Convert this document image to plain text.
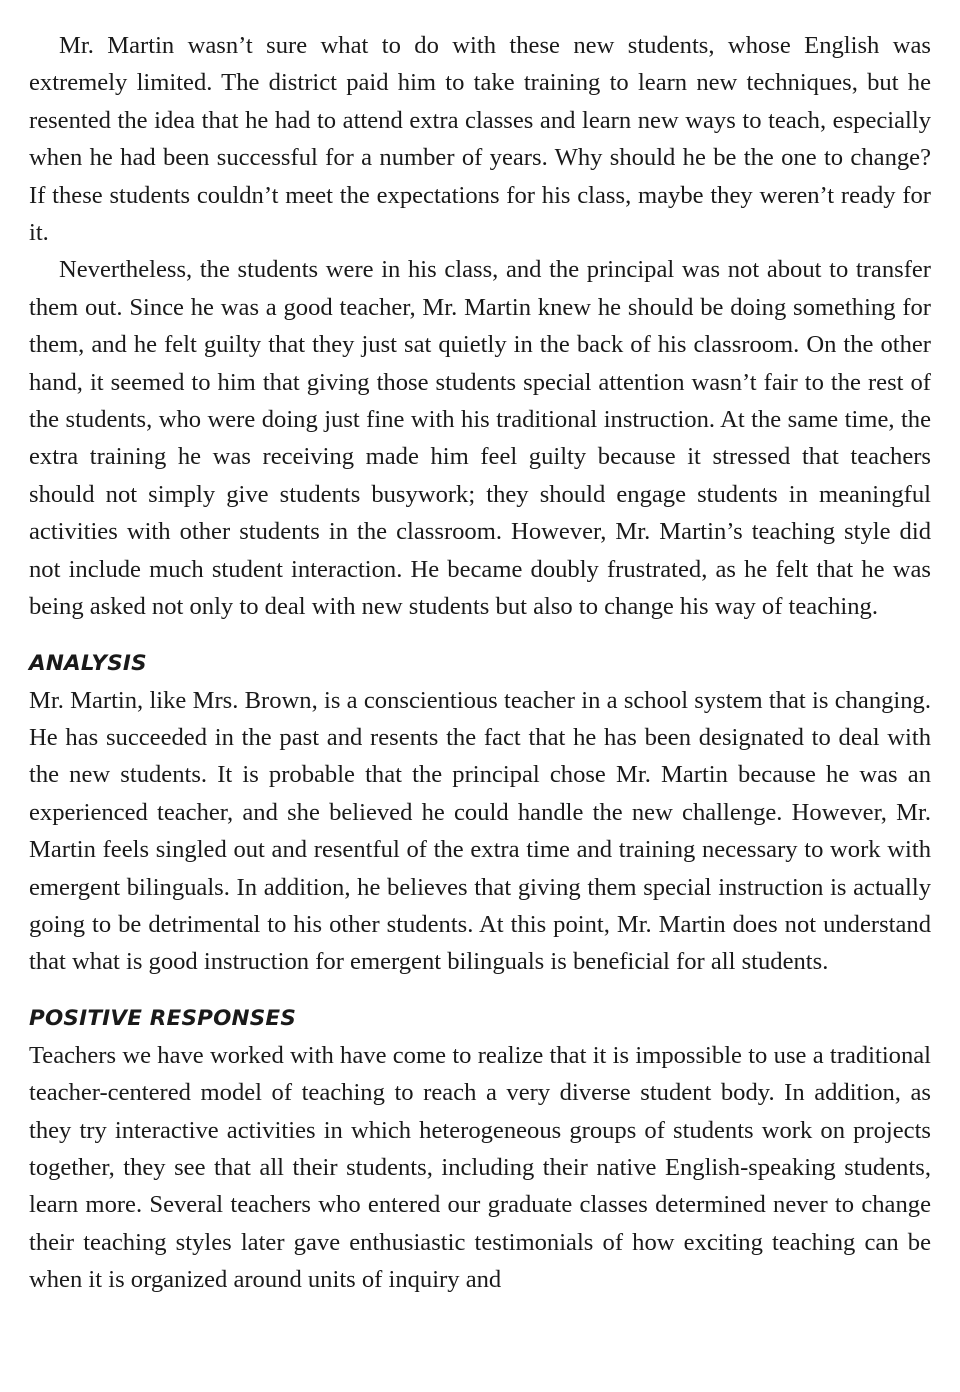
Mr. Martin wasn’t sure what to do with these new students, whose English was extremely limited. The district paid him to take training to learn new techniques, but he resented the idea that he had to attend extra classes and learn new ways to teach, especially when he had been successful for a number of years. Why should he be the one to change? If these students couldn’t meet the expectations for his class, maybe they weren’t ready for it.

Nevertheless, the students were in his class, and the principal was not about to transfer them out. Since he was a good teacher, Mr. Martin knew he should be doing something for them, and he felt guilty that they just sat quietly in the back of his classroom. On the other hand, it seemed to him that giving those students special attention wasn’t fair to the rest of the students, who were doing just fine with his traditional instruction. At the same time, the extra training he was receiving made him feel guilty because it stressed that teachers should not simply give students busywork; they should engage students in meaningful activities with other students in the classroom. However, Mr. Martin’s teaching style did not include much student interaction. He became doubly frustrated, as he felt that he was being asked not only to deal with new students but also to change his way of teaching.

ANALYSIS

Mr. Martin, like Mrs. Brown, is a conscientious teacher in a school system that is changing. He has succeeded in the past and resents the fact that he has been designated to deal with the new students. It is probable that the principal chose Mr. Martin because he was an experienced teacher, and she believed he could handle the new challenge. However, Mr. Martin feels singled out and resentful of the extra time and training necessary to work with emergent bilinguals. In addition, he believes that giving them special instruction is actually going to be detrimental to his other students. At this point, Mr. Martin does not understand that what is good instruction for emergent bilinguals is beneficial for all students.

POSITIVE RESPONSES

Teachers we have worked with have come to realize that it is impossible to use a traditional teacher-centered model of teaching to reach a very diverse student body. In addition, as they try interactive activities in which heterogeneous groups of students work on projects together, they see that all their students, including their native English-speaking students, learn more. Several teachers who entered our graduate classes determined never to change their teaching styles later gave enthusiastic testimonials of how exciting teaching can be when it is organized around units of inquiry and
